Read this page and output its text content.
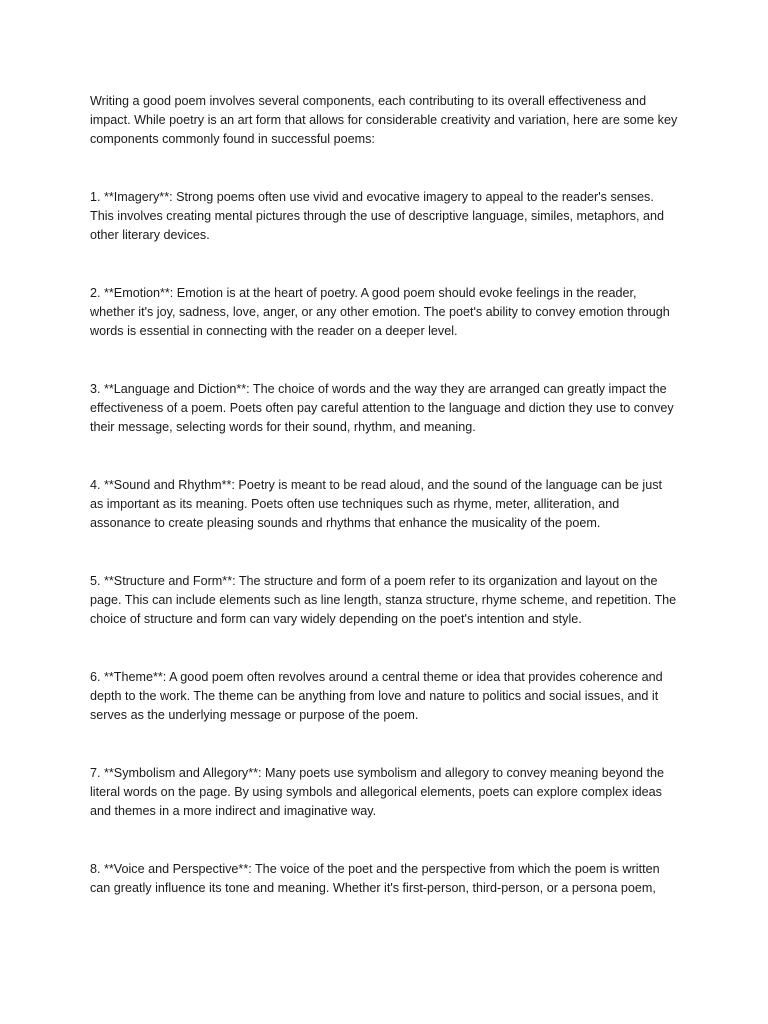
Writing a good poem involves several components, each contributing to its overall effectiveness and impact. While poetry is an art form that allows for considerable creativity and variation, here are some key components commonly found in successful poems:

1. **Imagery**: Strong poems often use vivid and evocative imagery to appeal to the reader's senses. This involves creating mental pictures through the use of descriptive language, similes, metaphors, and other literary devices.

2. **Emotion**: Emotion is at the heart of poetry. A good poem should evoke feelings in the reader, whether it's joy, sadness, love, anger, or any other emotion. The poet's ability to convey emotion through words is essential in connecting with the reader on a deeper level.

3. **Language and Diction**: The choice of words and the way they are arranged can greatly impact the effectiveness of a poem. Poets often pay careful attention to the language and diction they use to convey their message, selecting words for their sound, rhythm, and meaning.

4. **Sound and Rhythm**: Poetry is meant to be read aloud, and the sound of the language can be just as important as its meaning. Poets often use techniques such as rhyme, meter, alliteration, and assonance to create pleasing sounds and rhythms that enhance the musicality of the poem.

5. **Structure and Form**: The structure and form of a poem refer to its organization and layout on the page. This can include elements such as line length, stanza structure, rhyme scheme, and repetition. The choice of structure and form can vary widely depending on the poet's intention and style.

6. **Theme**: A good poem often revolves around a central theme or idea that provides coherence and depth to the work. The theme can be anything from love and nature to politics and social issues, and it serves as the underlying message or purpose of the poem.

7. **Symbolism and Allegory**: Many poets use symbolism and allegory to convey meaning beyond the literal words on the page. By using symbols and allegorical elements, poets can explore complex ideas and themes in a more indirect and imaginative way.

8. **Voice and Perspective**: The voice of the poet and the perspective from which the poem is written can greatly influence its tone and meaning. Whether it's first-person, third-person, or a persona poem,
